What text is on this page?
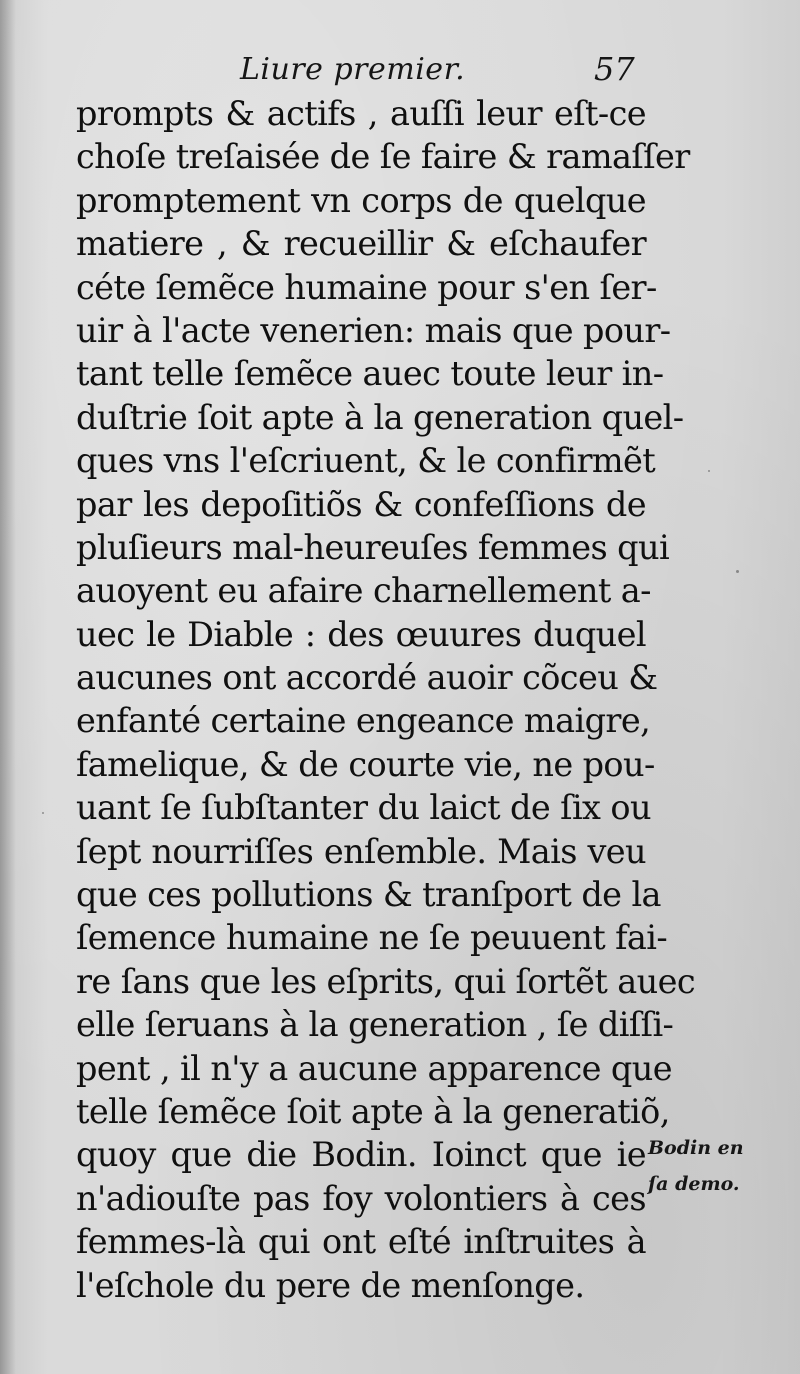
Liure premier.	57
prompts & actifs , auſſi leur eſt-ce
choſe treſaisée de ſe faire & ramaſſer
promptement vn corps de quelque
matiere , & recueillir & eſchaufer
céte ſemẽce humaine pour s'en ſer-
uir à l'acte venerien: mais que pour-
tant telle ſemẽce auec toute leur in-
duſtrie ſoit apte à la generation quel-
ques vns l'eſcriuent, & le confirmẽt
par les depoſitiõs & confeſſions de
pluſieurs mal-heureuſes femmes qui
auoyent eu afaire charnellement a-
uec le Diable : des œuures duquel
aucunes ont accordé auoir cõceu &
enfanté certaine engeance maigre,
famelique, & de courte vie, ne pou-
uant ſe ſubſtanter du laict de ſix ou
ſept nourriſſes enſemble. Mais veu
que ces pollutions & tranſport de la
ſemence humaine ne ſe peuuent fai-
re ſans que les eſprits, qui ſortẽt auec
elle ſeruans à la generation , ſe diſſi-
pent , il n'y a aucune apparence que
telle ſemẽce ſoit apte à la generatiõ,
quoy que die Bodin. Ioinct que ie
n'adiouſte pas foy volontiers à ces
femmes-là qui ont eſté inſtruites à
l'eſchole du pere de menſonge.
Bodin en
ſa demo.
